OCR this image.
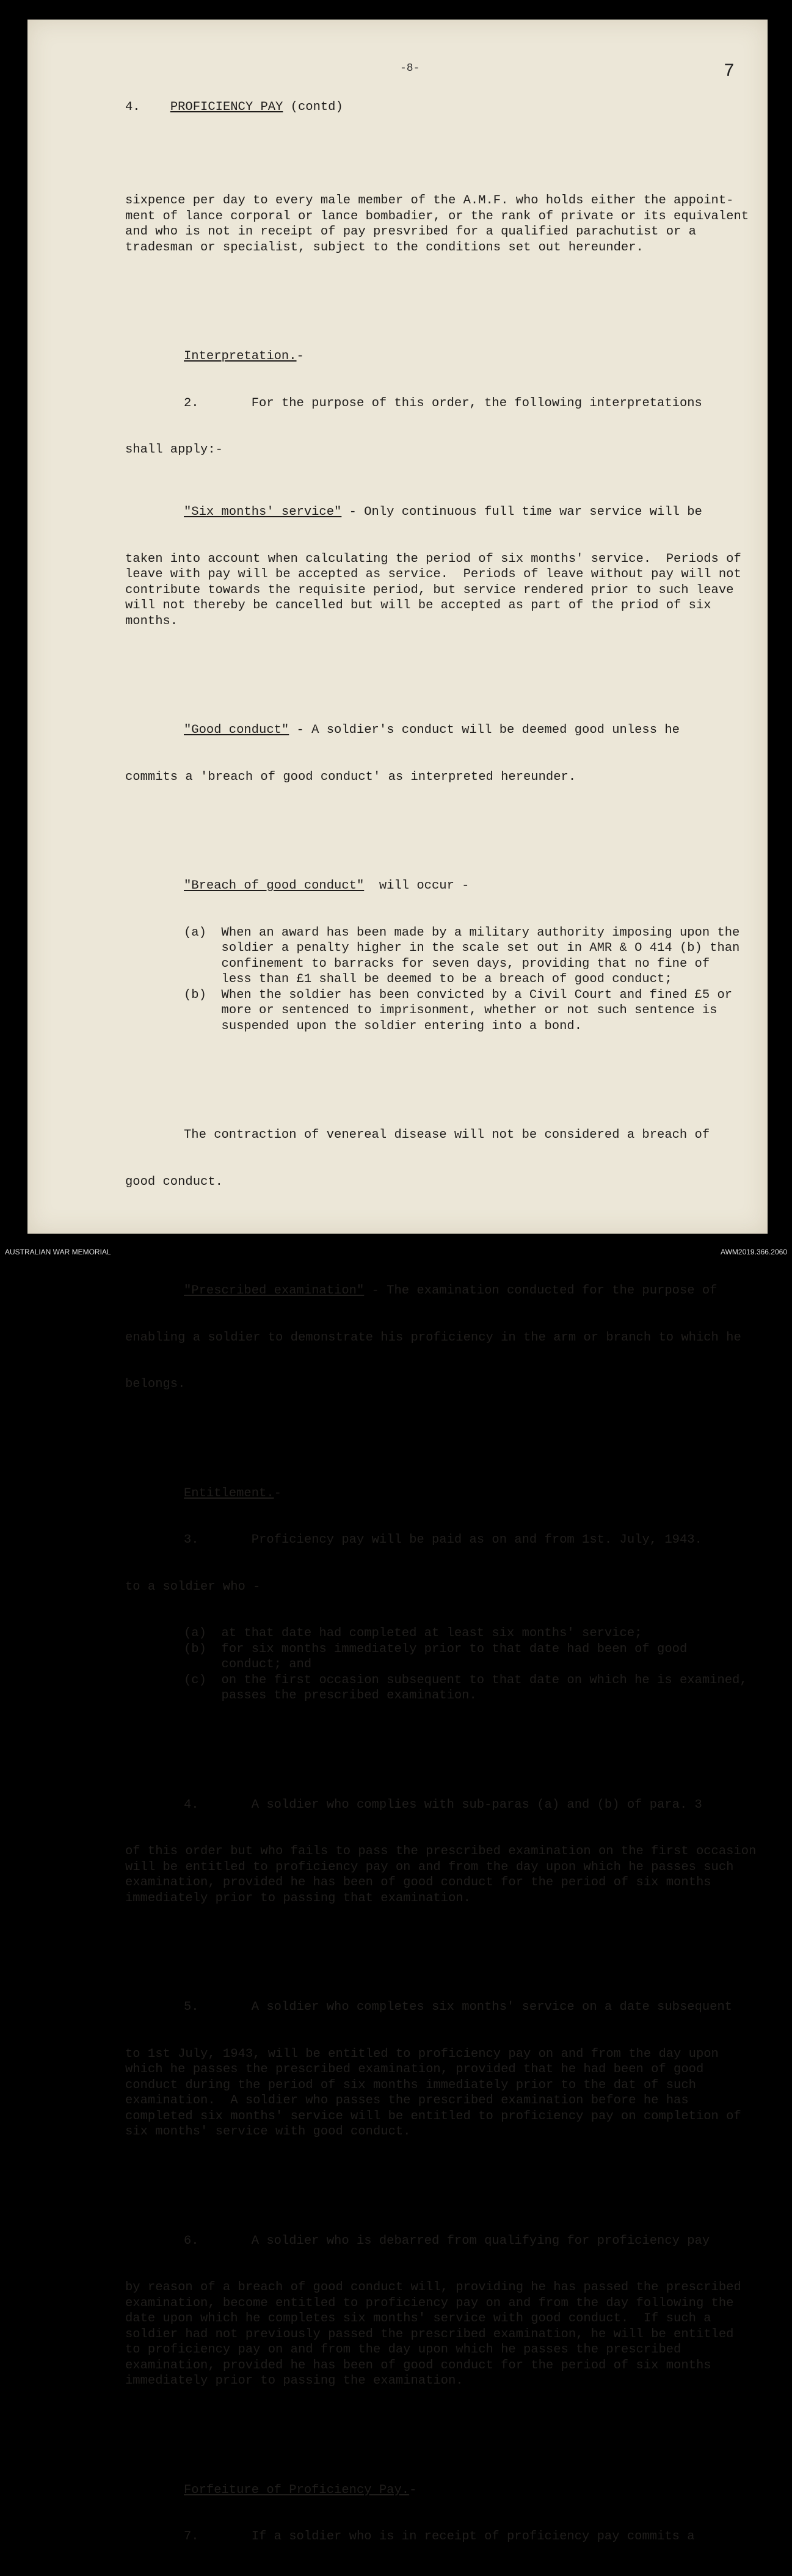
-8-	7

4. PROFICIENCY PAY (contd)

sixpence per day to every male member of the A.M.F. who holds either the appoint-
ment of lance corporal or lance bombadier, or the rank of private or its equivalent
and who is not in receipt of pay presvribed for a qualified parachutist or a
tradesman or specialist, subject to the conditions set out hereunder.

Interpretation.-

2.	For the purpose of this order, the following interpretations

shall apply:-

"Six months' service" - Only continuous full time war service will be

taken into account when calculating the period of six months' service.  Periods of
leave with pay will be accepted as service.  Periods of leave without pay will not
contribute towards the requisite period, but service rendered prior to such leave
will not thereby be cancelled but will be accepted as part of the priod of six
months.

"Good conduct" - A soldier's conduct will be deemed good unless he

commits a 'breach of good conduct' as interpreted hereunder.

"Breach of good conduct"  will occur -

(a) When an award has been made by a military authority imposing upon the
soldier a penalty higher in the scale set out in AMR & O 414 (b) than
confinement to barracks for seven days, providing that no fine of
less than £1 shall be deemed to be a breach of good conduct;
(b) When the soldier has been convicted by a Civil Court and fined £5 or
more or sentenced to imprisonment, whether or not such sentence is
suspended upon the soldier entering into a bond.

The contraction of venereal disease will not be considered a breach of

good conduct.

"Prescribed examination" - The examination conducted for the purpose of

enabling a soldier to demonstrate his proficiency in the arm or branch to which he

belongs.

Entitlement.-

3.	Proficiency pay will be paid as on and from 1st. July, 1943.

to a soldier who -

(a) at that date had completed at least six months' service;
(b) for six months immediately prior to that date had been of good
conduct; and
(c) on the first occasion subsequent to that date on which he is examined,
passes the prescribed examination.

4.	A soldier who complies with sub-paras (a) and (b) of para. 3

of this order but who fails to pass the prescribed examination on the first occasion
will be entitled to proficiency pay on and from the day upon which he passes such
examination, provided he has been of good conduct for the period of six months
immediately prior to passing that examination.

5.	A soldier who completes six months' service on a date subsequent

to 1st July, 1943, will be entitled to proficiency pay on and from the day upon
which he passes the prescribed examination, provided that he had been of good
conduct during the period of six months immediately prior to the dat of such
examination.  A soldier who passes the prescribed examination before he has
completed six months' service will be entitled to proficiency pay on completion of
six months' service with good conduct.

6.	A soldier who is debarred from qualifying for proficiency pay

by reason of a breach of good conduct will, providing he has passed the prescribed
examination, become entitled to proficiency pay on and from the day following the
date upon which he completes six months' service with good conduct.  If such a
soldier had not previously passed the prescribed examination, he will be entitled
to proficiency pay on and from the day upon which he passes the prescribed
examination, provided he has been of good conduct for the period of six months
immediately prior to passing the examination.

Forfeiture of Proficiency Pay.-

7.	If a soldier who is in receipt of proficiency pay commits a

AUSTRALIAN WAR MEMORIAL	AWM2019.366.2060
